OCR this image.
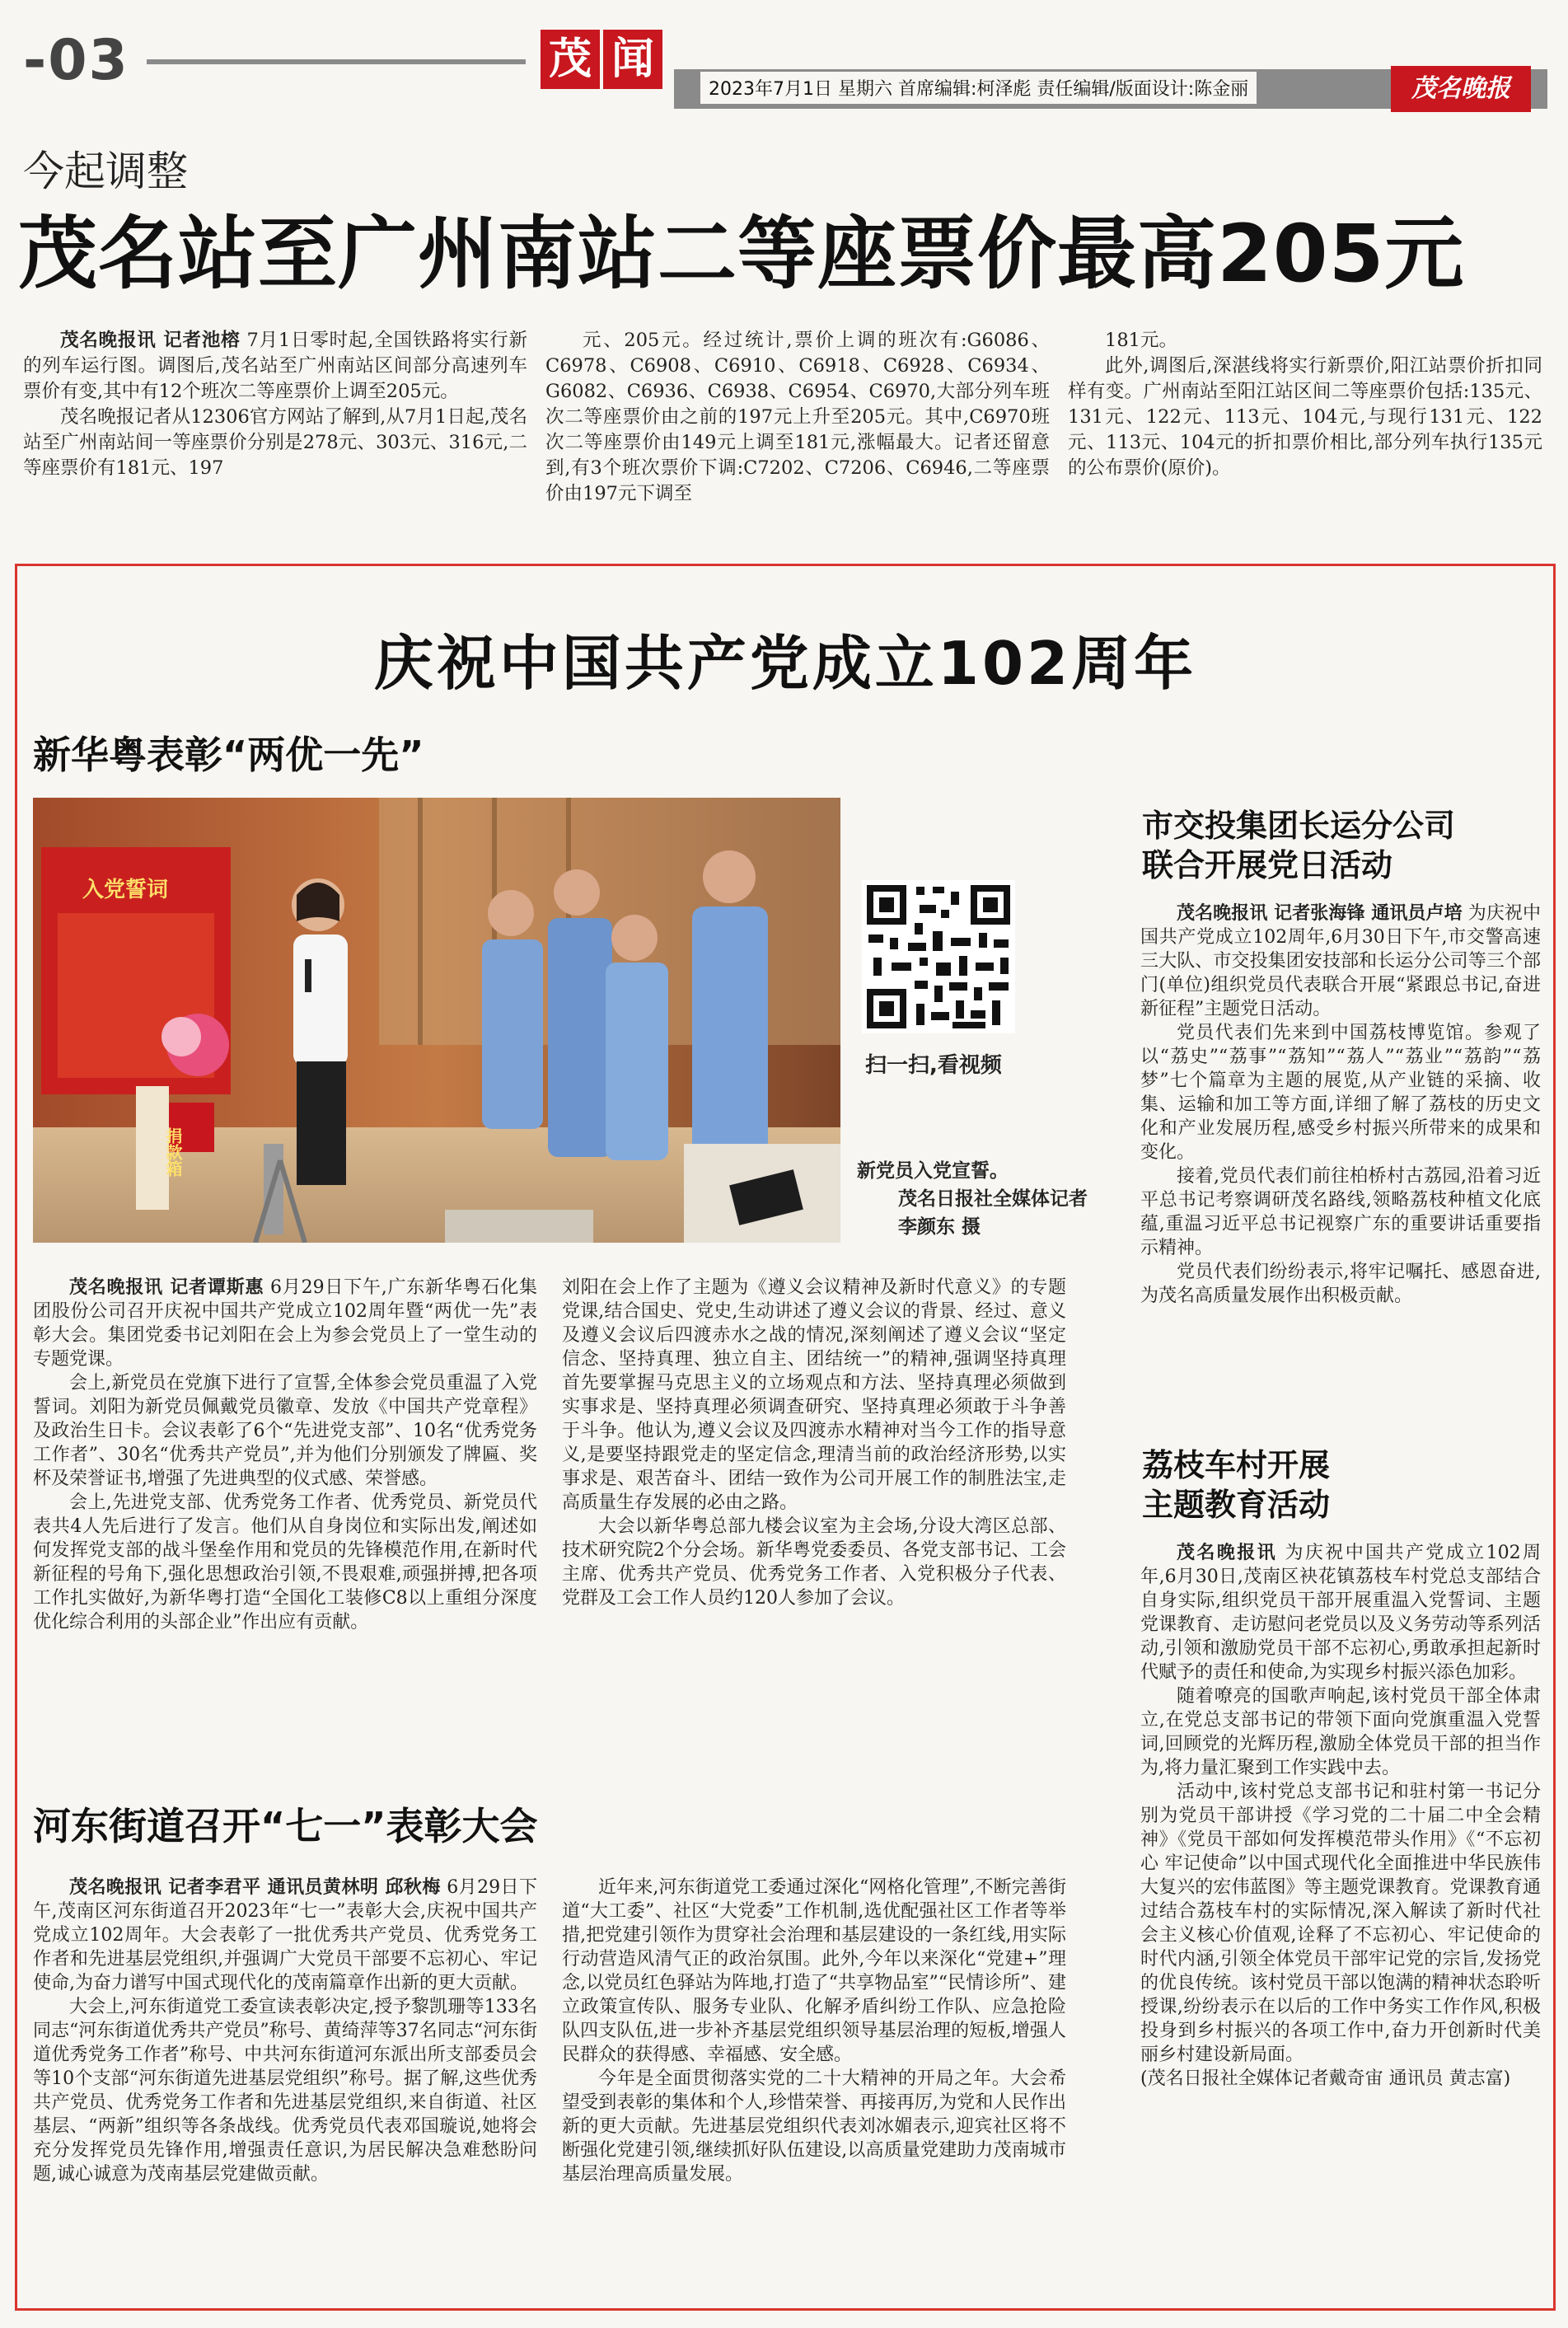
-03	茂 闻
2023年7月1日 星期六 首席编辑:柯泽彪 责任编辑/版面设计:陈金丽	茂名晚报
今起调整
茂名站至广州南站二等座票价最高205元

茂名晚报讯 记者池榕 7月1日零时起,全国铁路将实行新的列车运行图。调图后,茂名站至广州南站区间部分高速列车票价有变,其中有12个班次二等座票价上调至205元。

茂名晚报记者从12306官方网站了解到,从7月1日起,茂名站至广州南站间一等座票价分别是278元、303元、316元,二等座票价有181元、197

元、205元。经过统计,票价上调的班次有:G6086、C6978、C6908、C6910、C6918、C6928、C6934、G6082、C6936、C6938、C6954、C6970,大部分列车班次二等座票价由之前的197元上升至205元。其中,C6970班次二等座票价由149元上调至181元,涨幅最大。记者还留意到,有3个班次票价下调:C7202、C7206、C6946,二等座票价由197元下调至

181元。

此外,调图后,深湛线将实行新票价,阳江站票价折扣同样有变。广州南站至阳江站区间二等座票价包括:135元、131元、122元、113元、104元,与现行131元、122元、113元、104元的折扣票价相比,部分列车执行135元的公布票价(原价)。

庆祝中国共产党成立102周年
新华粤表彰“两优一先”
入党誓词
捐款箱
扫一扫,看视频
新党员入党宣誓。
茂名日报社全媒体记者李颜东 摄

茂名晚报讯 记者谭斯惠 6月29日下午,广东新华粤石化集团股份公司召开庆祝中国共产党成立102周年暨“两优一先”表彰大会。集团党委书记刘阳在会上为参会党员上了一堂生动的专题党课。

会上,新党员在党旗下进行了宣誓,全体参会党员重温了入党誓词。刘阳为新党员佩戴党员徽章、发放《中国共产党章程》及政治生日卡。会议表彰了6个“先进党支部”、10名“优秀党务工作者”、30名“优秀共产党员”,并为他们分别颁发了牌匾、奖杯及荣誉证书,增强了先进典型的仪式感、荣誉感。

会上,先进党支部、优秀党务工作者、优秀党员、新党员代表共4人先后进行了发言。他们从自身岗位和实际出发,阐述如何发挥党支部的战斗堡垒作用和党员的先锋模范作用,在新时代新征程的号角下,强化思想政治引领,不畏艰难,顽强拼搏,把各项工作扎实做好,为新华粤打造“全国化工装修C8以上重组分深度优化综合利用的头部企业”作出应有贡献。

刘阳在会上作了主题为《遵义会议精神及新时代意义》的专题党课,结合国史、党史,生动讲述了遵义会议的背景、经过、意义及遵义会议后四渡赤水之战的情况,深刻阐述了遵义会议“坚定信念、坚持真理、独立自主、团结统一”的精神,强调坚持真理首先要掌握马克思主义的立场观点和方法、坚持真理必须做到实事求是、坚持真理必须调查研究、坚持真理必须敢于斗争善于斗争。他认为,遵义会议及四渡赤水精神对当今工作的指导意义,是要坚持跟党走的坚定信念,理清当前的政治经济形势,以实事求是、艰苦奋斗、团结一致作为公司开展工作的制胜法宝,走高质量生存发展的必由之路。

大会以新华粤总部九楼会议室为主会场,分设大湾区总部、技术研究院2个分会场。新华粤党委委员、各党支部书记、工会主席、优秀共产党员、优秀党务工作者、入党积极分子代表、党群及工会工作人员约120人参加了会议。

市交投集团长运分公司
联合开展党日活动

茂名晚报讯 记者张海锋 通讯员卢培 为庆祝中国共产党成立102周年,6月30日下午,市交警高速三大队、市交投集团安技部和长运分公司等三个部门(单位)组织党员代表联合开展“紧跟总书记,奋进新征程”主题党日活动。

党员代表们先来到中国荔枝博览馆。参观了以“荔史”“荔事”“荔知”“荔人”“荔业”“荔韵”“荔梦”七个篇章为主题的展览,从产业链的采摘、收集、运输和加工等方面,详细了解了荔枝的历史文化和产业发展历程,感受乡村振兴所带来的成果和变化。

接着,党员代表们前往柏桥村古荔园,沿着习近平总书记考察调研茂名路线,领略荔枝种植文化底蕴,重温习近平总书记视察广东的重要讲话重要指示精神。

党员代表们纷纷表示,将牢记嘱托、感恩奋进,为茂名高质量发展作出积极贡献。

河东街道召开“七一”表彰大会

茂名晚报讯 记者李君平 通讯员黄林明 邱秋梅 6月29日下午,茂南区河东街道召开2023年“七一”表彰大会,庆祝中国共产党成立102周年。大会表彰了一批优秀共产党员、优秀党务工作者和先进基层党组织,并强调广大党员干部要不忘初心、牢记使命,为奋力谱写中国式现代化的茂南篇章作出新的更大贡献。

大会上,河东街道党工委宣读表彰决定,授予黎凯珊等133名同志“河东街道优秀共产党员”称号、黄绮萍等37名同志“河东街道优秀党务工作者”称号、中共河东街道河东派出所支部委员会等10个支部“河东街道先进基层党组织”称号。据了解,这些优秀共产党员、优秀党务工作者和先进基层党组织,来自街道、社区基层、“两新”组织等各条战线。优秀党员代表邓国璇说,她将会充分发挥党员先锋作用,增强责任意识,为居民解决急难愁盼问题,诚心诚意为茂南基层党建做贡献。

近年来,河东街道党工委通过深化“网格化管理”,不断完善街道“大工委”、社区“大党委”工作机制,选优配强社区工作者等举措,把党建引领作为贯穿社会治理和基层建设的一条红线,用实际行动营造风清气正的政治氛围。此外,今年以来深化“党建+”理念,以党员红色驿站为阵地,打造了“共享物品室”“民情诊所”、建立政策宣传队、服务专业队、化解矛盾纠纷工作队、应急抢险队四支队伍,进一步补齐基层党组织领导基层治理的短板,增强人民群众的获得感、幸福感、安全感。

今年是全面贯彻落实党的二十大精神的开局之年。大会希望受到表彰的集体和个人,珍惜荣誉、再接再厉,为党和人民作出新的更大贡献。先进基层党组织代表刘冰媚表示,迎宾社区将不断强化党建引领,继续抓好队伍建设,以高质量党建助力茂南城市基层治理高质量发展。

荔枝车村开展
主题教育活动

茂名晚报讯 为庆祝中国共产党成立102周年,6月30日,茂南区袂花镇荔枝车村党总支部结合自身实际,组织党员干部开展重温入党誓词、主题党课教育、走访慰问老党员以及义务劳动等系列活动,引领和激励党员干部不忘初心,勇敢承担起新时代赋予的责任和使命,为实现乡村振兴添色加彩。

随着嘹亮的国歌声响起,该村党员干部全体肃立,在党总支部书记的带领下面向党旗重温入党誓词,回顾党的光辉历程,激励全体党员干部的担当作为,将力量汇聚到工作实践中去。

活动中,该村党总支部书记和驻村第一书记分别为党员干部讲授《学习党的二十届二中全会精神》《党员干部如何发挥模范带头作用》《“不忘初心 牢记使命”以中国式现代化全面推进中华民族伟大复兴的宏伟蓝图》等主题党课教育。党课教育通过结合荔枝车村的实际情况,深入解读了新时代社会主义核心价值观,诠释了不忘初心、牢记使命的时代内涵,引领全体党员干部牢记党的宗旨,发扬党的优良传统。该村党员干部以饱满的精神状态聆听授课,纷纷表示在以后的工作中务实工作作风,积极投身到乡村振兴的各项工作中,奋力开创新时代美丽乡村建设新局面。

(茂名日报社全媒体记者戴奇宙 通讯员 黄志富)
